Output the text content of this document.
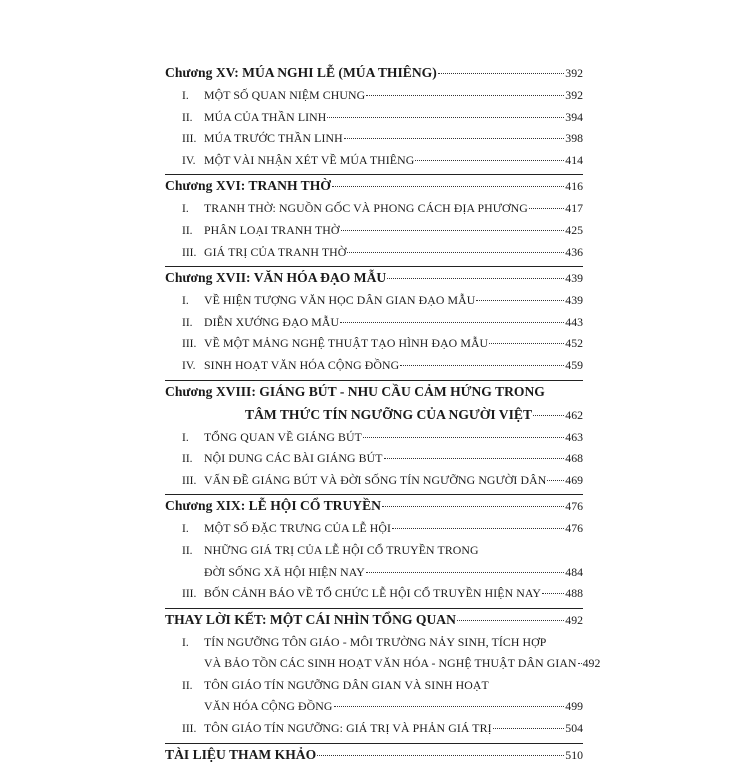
Chương XV: MÚA NGHI LỄ (MÚA THIÊNG)	392
I.	MỘT SỐ QUAN NIỆM CHUNG	392
II. MÚA CỦA THẦN LINH	394
III. MÚA TRƯỚC THẦN LINH	398
IV. MỘT VÀI NHẬN XÉT VỀ MÚA THIÊNG	414
Chương XVI: TRANH THỜ	416
I.	TRANH THỜ: NGUỒN GỐC VÀ PHONG CÁCH ĐỊA PHƯƠNG	417
II. PHÂN LOẠI TRANH THỜ	425
III. GIÁ TRỊ CỦA TRANH THỜ	436
Chương XVII: VĂN HÓA ĐẠO MẪU	439
I.	VỀ HIỆN TƯỢNG VĂN HỌC DÂN GIAN ĐẠO MẪU	439
II. DIỄN XƯỚNG ĐẠO MẪU	443
III. VỀ MỘT MẢNG NGHỆ THUẬT TẠO HÌNH ĐẠO MẪU	452
IV. SINH HOẠT VĂN HÓA CỘNG ĐỒNG	459
Chương XVIII: GIÁNG BÚT - NHU CẦU CẢM HỨNG TRONG
TÂM THỨC TÍN NGƯỠNG CỦA NGƯỜI VIỆT	462
I.	TỔNG QUAN VỀ GIÁNG BÚT	463
II. NỘI DUNG CÁC BÀI GIÁNG BÚT	468
III. VẤN ĐỀ GIÁNG BÚT VÀ ĐỜI SỐNG TÍN NGƯỠNG NGƯỜI DÂN 469
Chương XIX: LỄ HỘI CỔ TRUYỀN	476
I.	MỘT SỐ ĐẶC TRƯNG CỦA LỄ HỘI	476
II. NHỮNG GIÁ TRỊ CỦA LỄ HỘI CỔ TRUYỀN TRONG
ĐỜI SỐNG XÃ HỘI HIỆN NAY	484
III. BỐN CẢNH BÁO VỀ TỔ CHỨC LỄ HỘI CỔ TRUYỀN HIỆN NAY 488
THAY LỜI KẾT: MỘT CÁI NHÌN TỔNG QUAN	492
I.	TÍN NGƯỠNG TÔN GIÁO - MÔI TRƯỜNG NẢY SINH, TÍCH HỢP
VÀ BẢO TỒN CÁC SINH HOẠT VĂN HÓA - NGHỆ THUẬT DÂN GIAN 492
II. TÔN GIÁO TÍN NGƯỠNG DÂN GIAN VÀ SINH HOẠT
VĂN HÓA CỘNG ĐỒNG	499
III. TÔN GIÁO TÍN NGƯỠNG: GIÁ TRỊ VÀ PHẢN GIÁ TRỊ	504
TÀI LIỆU THAM KHẢO	510
